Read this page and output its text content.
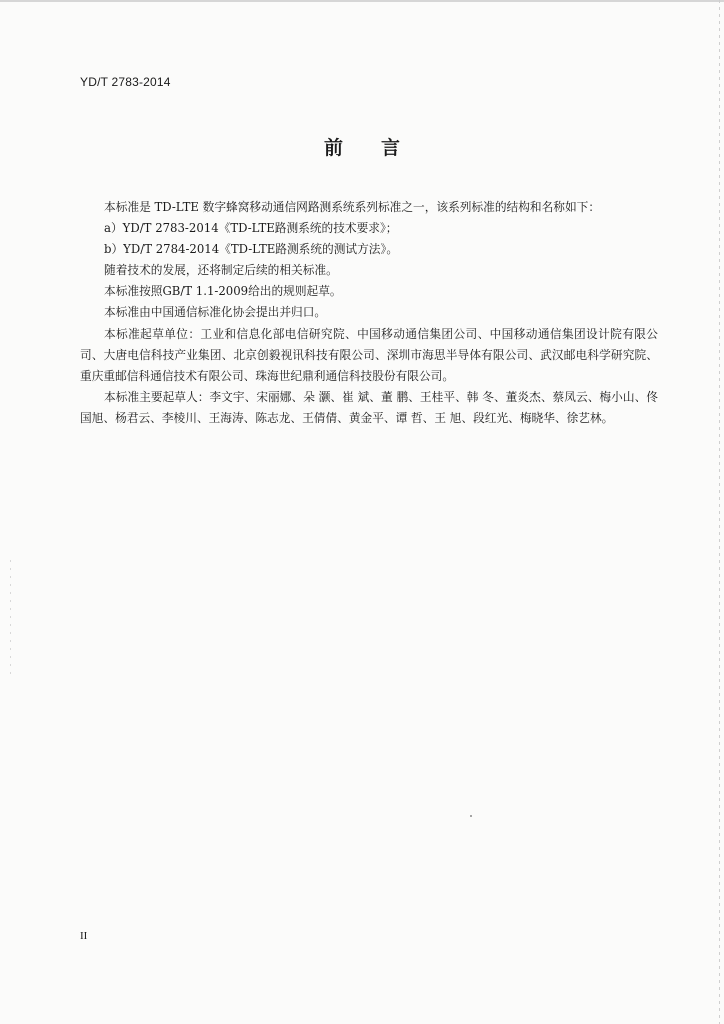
YD/T 2783-2014
前言

本标准是 TD-LTE 数字蜂窝移动通信网路测系统系列标准之一，该系列标准的结构和名称如下：

a）YD/T 2783-2014《TD-LTE路测系统的技术要求》；

b）YD/T 2784-2014《TD-LTE路测系统的测试方法》。

随着技术的发展，还将制定后续的相关标准。

本标准按照GB/T 1.1-2009给出的规则起草。

本标准由中国通信标准化协会提出并归口。

本标准起草单位：工业和信息化部电信研究院、中国移动通信集团公司、中国移动通信集团设计院有限公司、大唐电信科技产业集团、北京创毅视讯科技有限公司、深圳市海思半导体有限公司、武汉邮电科学研究院、重庆重邮信科通信技术有限公司、珠海世纪鼎利通信科技股份有限公司。

本标准主要起草人：李文宇、宋丽娜、朵 灏、崔 斌、董 鹏、王桂平、韩 冬、董炎杰、蔡凤云、梅小山、佟国旭、杨君云、李棱川、王海涛、陈志龙、王倩倩、黄金平、谭 哲、王 旭、段红光、梅晓华、徐艺林。

II
